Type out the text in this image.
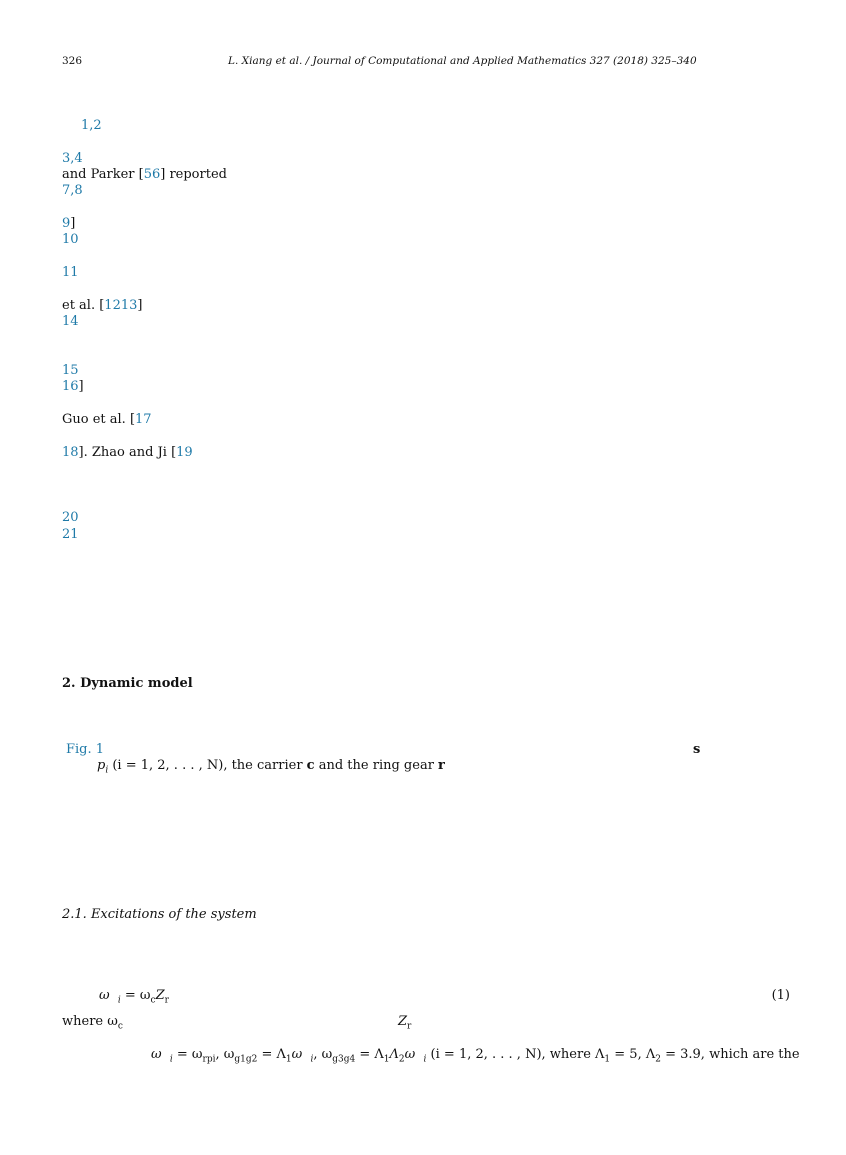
326	L. Xiang et al. / Journal of Computational and Applied Mathematics 327 (2018) 325–340
1,2
3,4
and Parker [56] reported
7,8
9]
10
11
et al. [1213]
14
15
16]
Guo et al. [17
18]. Zhao and Ji [19
20
21
2. Dynamic model
Fig. 1	s
$p_i$ (i = 1, 2, . . . , N), the carrier c and the ring gear r
2.1. Excitations of the system
ω $_i = \omega_cZ_r$	(1)
where $\omega_c$	$Z_r$
ω $_i = \omega_{rpi}$, $\omega_{g1g2} = \Lambda_1\omega$ $_i$, $\omega_{g3g4} = \Lambda_1\Lambda_2\omega$ $_i$ (i = 1, 2, . . . , N), where $\Lambda_1 = 5$, $\Lambda_2 = 3.9$, which are the
